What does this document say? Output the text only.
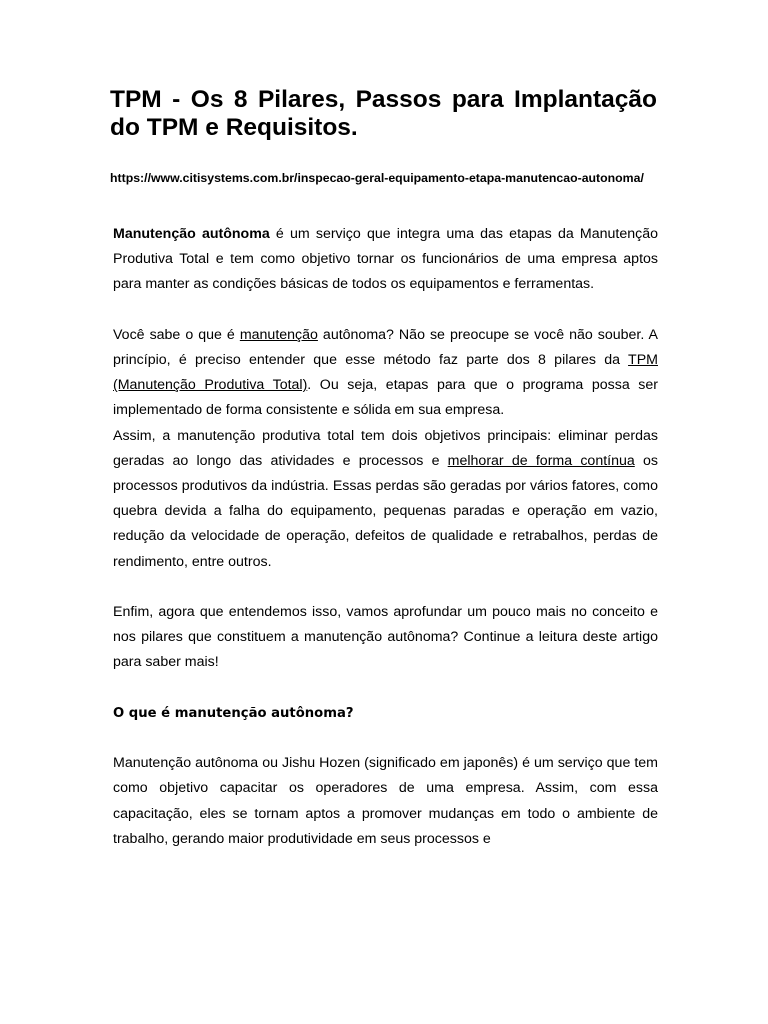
TPM - Os 8 Pilares, Passos para Implantação do TPM e Requisitos.
https://www.citisystems.com.br/inspecao-geral-equipamento-etapa-manutencao-autonoma/

Manutenção autônoma é um serviço que integra uma das etapas da Manutenção Produtiva Total e tem como objetivo tornar os funcionários de uma empresa aptos para manter as condições básicas de todos os equipamentos e ferramentas.

Você sabe o que é manutenção autônoma? Não se preocupe se você não souber. A princípio, é preciso entender que esse método faz parte dos 8 pilares da TPM (Manutenção Produtiva Total). Ou seja, etapas para que o programa possa ser implementado de forma consistente e sólida em sua empresa.

Assim, a manutenção produtiva total tem dois objetivos principais: eliminar perdas geradas ao longo das atividades e processos e melhorar de forma contínua os processos produtivos da indústria. Essas perdas são geradas por vários fatores, como quebra devida a falha do equipamento, pequenas paradas e operação em vazio, redução da velocidade de operação, defeitos de qualidade e retrabalhos, perdas de rendimento, entre outros.

Enfim, agora que entendemos isso, vamos aprofundar um pouco mais no conceito e nos pilares que constituem a manutenção autônoma? Continue a leitura deste artigo para saber mais!

O que é manutenção autônoma?

Manutenção autônoma ou Jishu Hozen (significado em japonês) é um serviço que tem como objetivo capacitar os operadores de uma empresa. Assim, com essa capacitação, eles se tornam aptos a promover mudanças em todo o ambiente de trabalho, gerando maior produtividade em seus processos e
